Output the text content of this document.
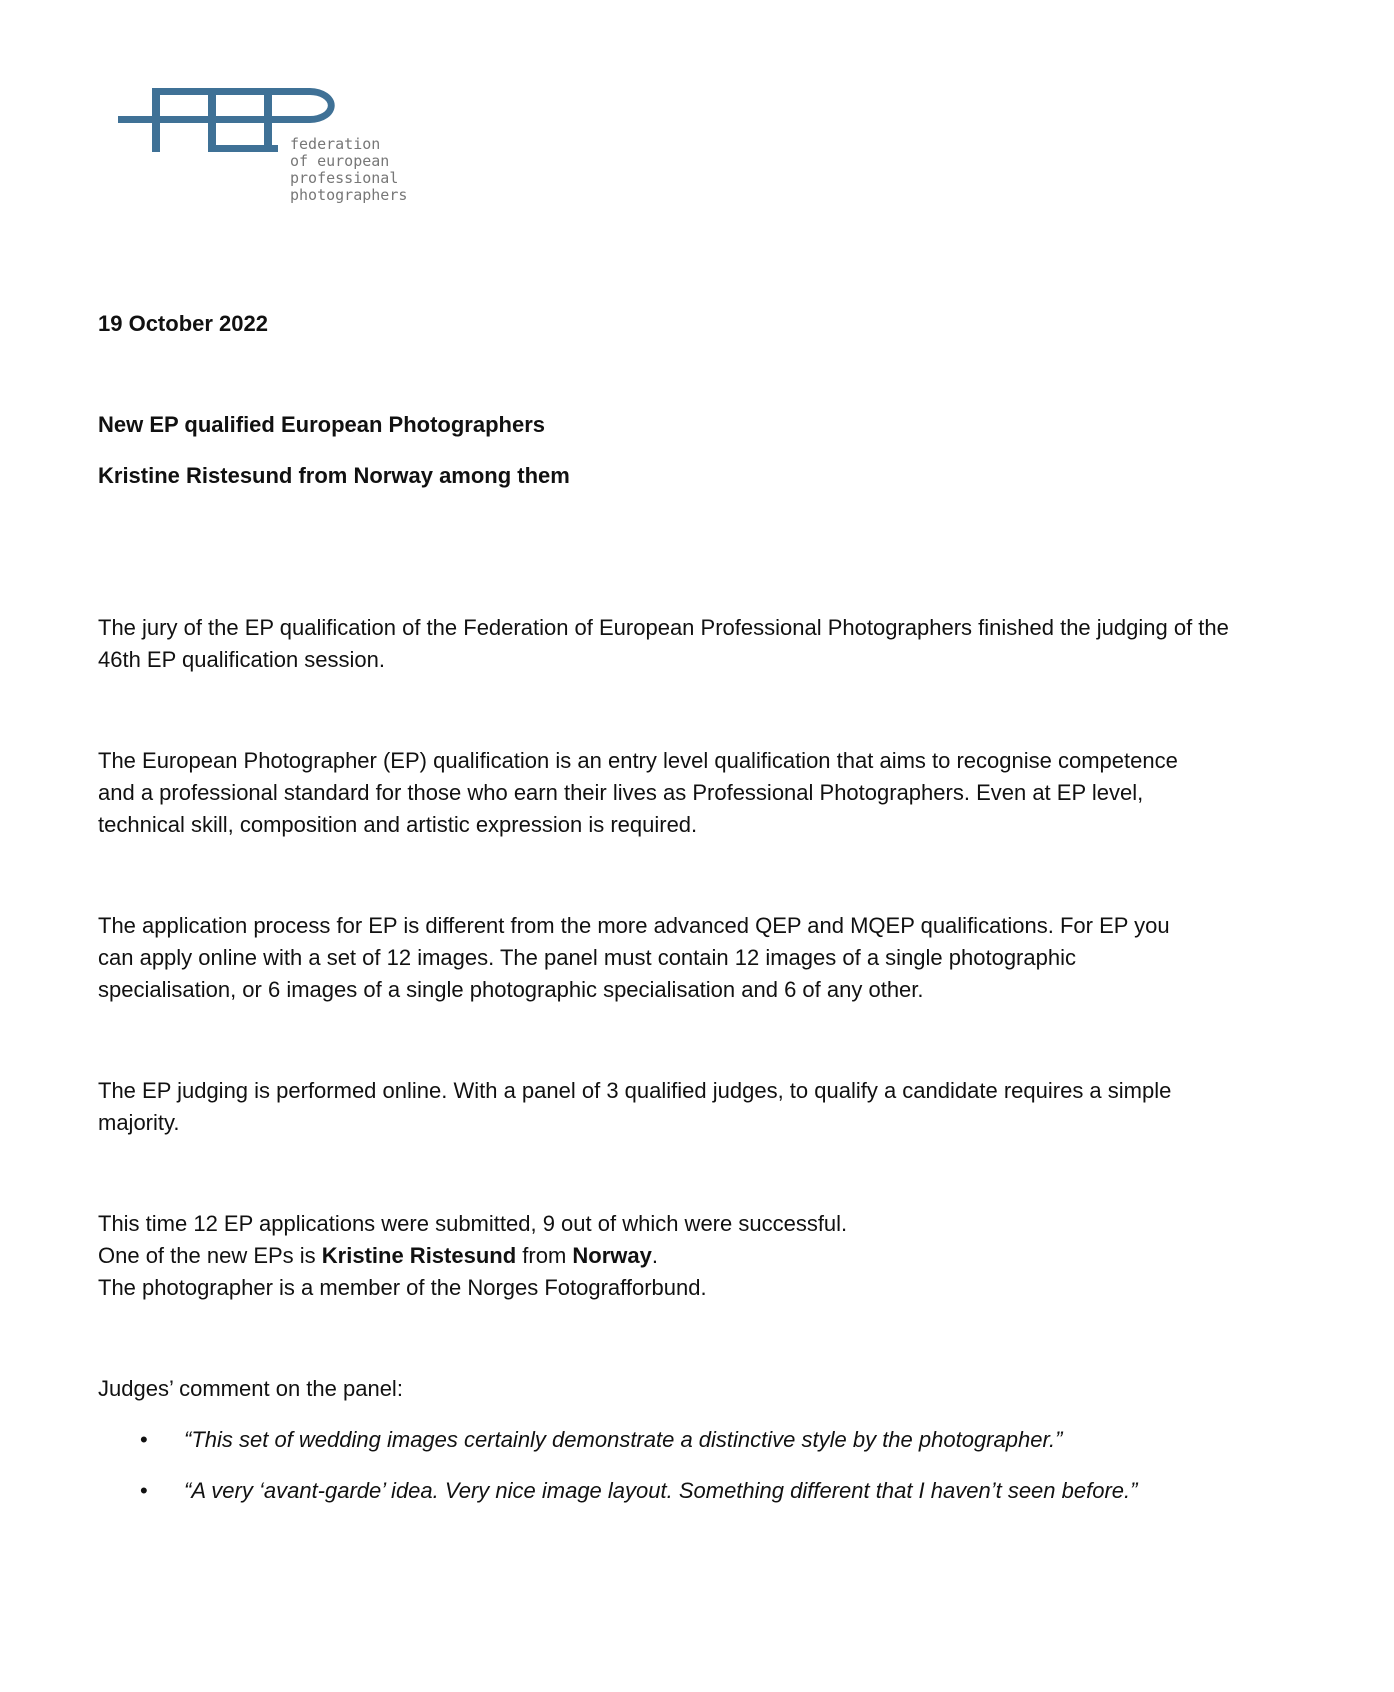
federation
of european
professional
photographers
19 October 2022
New EP qualified European Photographers
Kristine Ristesund from Norway among them
The jury of the EP qualification of the Federation of European Professional Photographers finished the judging of the 46th EP qualification session.
The European Photographer (EP) qualification is an entry level qualification that aims to recognise competence and a professional standard for those who earn their lives as Professional Photographers. Even at EP level, technical skill, composition and artistic expression is required.
The application process for EP is different from the more advanced QEP and MQEP qualifications. For EP you can apply online with a set of 12 images. The panel must contain 12 images of a single photographic specialisation, or 6 images of a single photographic specialisation and 6 of any other.
The EP judging is performed online. With a panel of 3 qualified judges, to qualify a candidate requires a simple majority.
This time 12 EP applications were submitted, 9 out of which were successful.
One of the new EPs is Kristine Ristesund from Norway.
The photographer is a member of the Norges Fotografforbund.
Judges’ comment on the panel:
• “This set of wedding images certainly demonstrate a distinctive style by the photographer.”
• “A very ‘avant-garde’ idea. Very nice image layout. Something different that I haven’t seen before.”
